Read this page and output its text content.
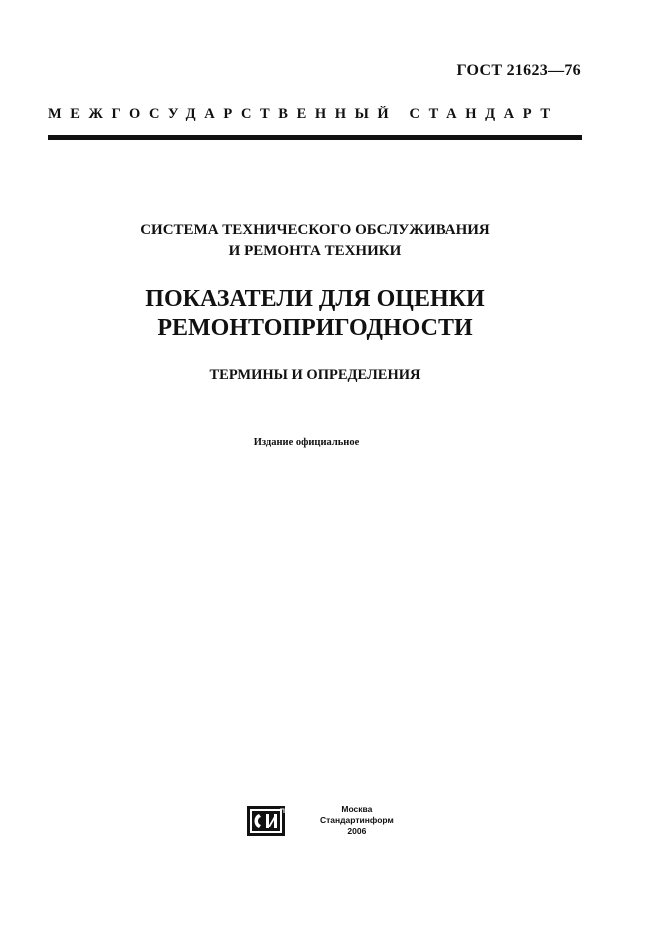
ГОСТ 21623—76
МЕЖГОСУДАРСТВЕННЫЙ СТАНДАРТ
СИСТЕМА ТЕХНИЧЕСКОГО ОБСЛУЖИВАНИЯ
И РЕМОНТА ТЕХНИКИ
ПОКАЗАТЕЛИ ДЛЯ ОЦЕНКИ
РЕМОНТОПРИГОДНОСТИ
ТЕРМИНЫ И ОПРЕДЕЛЕНИЯ
Издание официальное
Москва
Стандартинформ
2006
